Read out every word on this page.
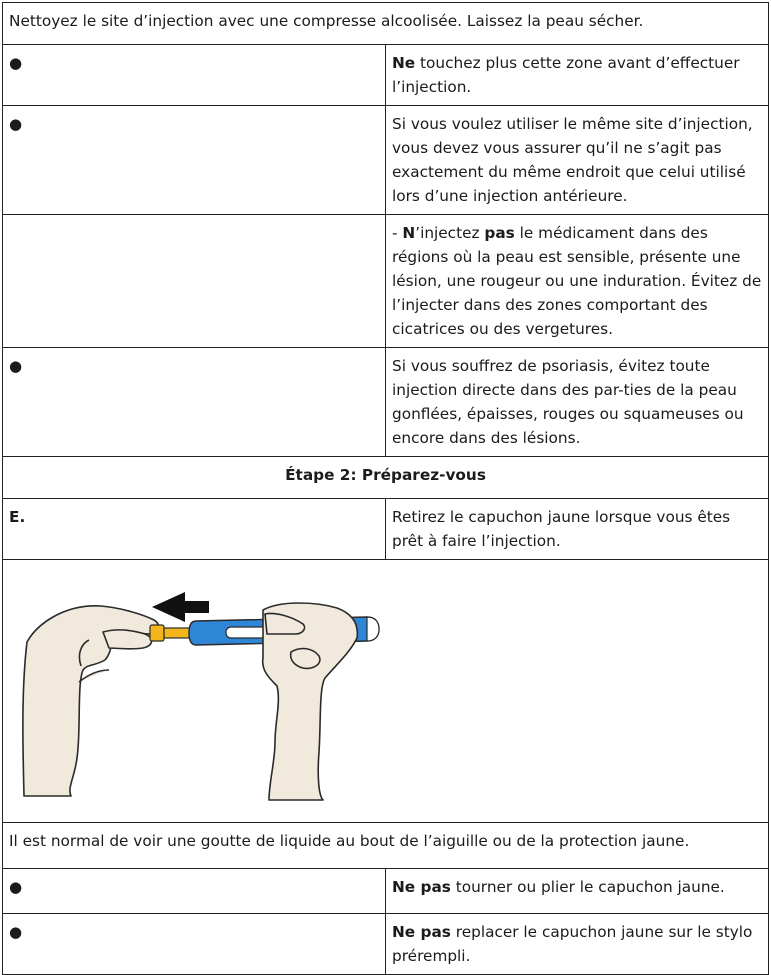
Nettoyez le site d’injection avec une compresse alcoolisée. Laissez la peau sécher.	

●	Ne touchez plus cette zone avant d’effectuer l’injection.

●	Si vous voulez utiliser le même site d’injection, vous devez vous assurer qu’il ne s’agit pas exactement du même endroit que celui utilisé lors d’une injection antérieure.

	- N’injectez pas le médicament dans des régions où la peau est sensible, présente une lésion, une rougeur ou une induration. Évitez de l’injecter dans des zones comportant des cicatrices ou des vergetures.

●	Si vous souffrez de psoriasis, évitez toute injection directe dans des par-ties de la peau gonflées, épaisses, rouges ou squameuses ou encore dans des lésions.

Étape 2: Préparez-vous	

E.	Retirez le capuchon jaune lorsque vous êtes prêt à faire l’injection.

Il est normal de voir une goutte de liquide au bout de l’aiguille ou de la protection jaune.	

●	Ne pas tourner ou plier le capuchon jaune.

●	Ne pas replacer le capuchon jaune sur le stylo prérempli.
